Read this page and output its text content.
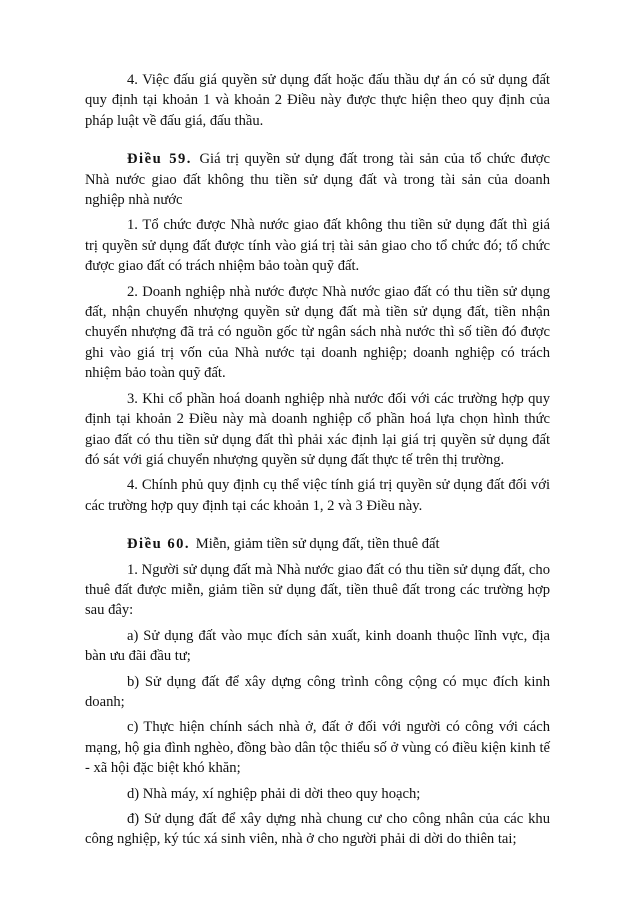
4. Việc đấu giá quyền sử dụng đất hoặc đấu thầu dự án có sử dụng đất quy định tại khoản 1 và khoản 2 Điều này được thực hiện theo quy định của pháp luật về đấu giá, đấu thầu.

Điều 59. Giá trị quyền sử dụng đất trong tài sản của tổ chức được Nhà nước giao đất không thu tiền sử dụng đất và trong tài sản của doanh nghiệp nhà nước

1. Tổ chức được Nhà nước giao đất không thu tiền sử dụng đất thì giá trị quyền sử dụng đất được tính vào giá trị tài sản giao cho tổ chức đó; tổ chức được giao đất có trách nhiệm bảo toàn quỹ đất.

2. Doanh nghiệp nhà nước được Nhà nước giao đất có thu tiền sử dụng đất, nhận chuyển nhượng quyền sử dụng đất mà tiền sử dụng đất, tiền nhận chuyển nhượng đã trả có nguồn gốc từ ngân sách nhà nước thì số tiền đó được ghi vào giá trị vốn của Nhà nước tại doanh nghiệp; doanh nghiệp có trách nhiệm bảo toàn quỹ đất.

3. Khi cổ phần hoá doanh nghiệp nhà nước đối với các trường hợp quy định tại khoản 2 Điều này mà doanh nghiệp cổ phần hoá lựa chọn hình thức giao đất có thu tiền sử dụng đất thì phải xác định lại giá trị quyền sử dụng đất đó sát với giá chuyển nhượng quyền sử dụng đất thực tế trên thị trường.

4. Chính phủ quy định cụ thể việc tính giá trị quyền sử dụng đất đối với các trường hợp quy định tại các khoản 1, 2 và 3 Điều này.

Điều 60. Miễn, giảm tiền sử dụng đất, tiền thuê đất

1. Người sử dụng đất mà Nhà nước giao đất có thu tiền sử dụng đất, cho thuê đất được miễn, giảm tiền sử dụng đất, tiền thuê đất trong các trường hợp sau đây:

a) Sử dụng đất vào mục đích sản xuất, kinh doanh thuộc lĩnh vực, địa bàn ưu đãi đầu tư;

b) Sử dụng đất để xây dựng công trình công cộng có mục đích kinh doanh;

c) Thực hiện chính sách nhà ở, đất ở đối với người có công với cách mạng, hộ gia đình nghèo, đồng bào dân tộc thiểu số ở vùng có điều kiện kinh tế - xã hội đặc biệt khó khăn;

d) Nhà máy, xí nghiệp phải di dời theo quy hoạch;

đ) Sử dụng đất để xây dựng nhà chung cư cho công nhân của các khu công nghiệp, ký túc xá sinh viên, nhà ở cho người phải di dời do thiên tai;
